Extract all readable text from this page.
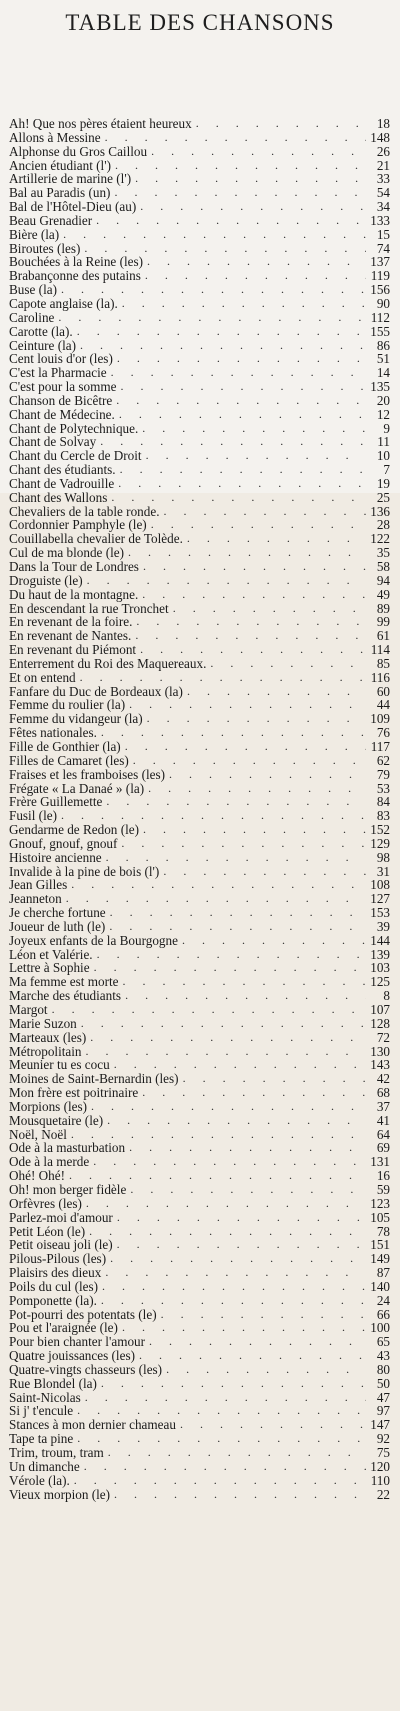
TABLE DES CHANSONS
Ah! Que nos pères étaient heureux . . .	18
Allons à Messine . . .	148
Alphonse du Gros Caillou . . .	26
Ancien étudiant (l') . . .	21
Artillerie de marine (l') . . .	33
Bal au Paradis (un) . . .	54
Bal de l'Hôtel-Dieu (au) . . .	34
Beau Grenadier . . .	133
Bière (la) . . .	15
Biroutes (les) . . .	74
Bouchées à la Reine (les) . . .	137
Brabançonne des putains . . .	119
Buse (la) . . .	156
Capote anglaise (la). . . .	90
Caroline . . .	112
Carotte (la). . . .	155
Ceinture (la) . . .	86
Cent louis d'or (les) . . .	51
C'est la Pharmacie . . .	14
C'est pour la somme . . .	135
Chanson de Bicêtre . . .	20
Chant de Médecine. . . .	12
Chant de Polytechnique. . . .	9
Chant de Solvay . . .	11
Chant du Cercle de Droit . . .	10
Chant des étudiants. . . .	7
Chant de Vadrouille . . .	19
Chant des Wallons . . .	25
Chevaliers de la table ronde. . . .	136
Cordonnier Pamphyle (le) . . .	28
Couillabella chevalier de Tolède. . . .	122
Cul de ma blonde (le) . . .	35
Dans la Tour de Londres . . .	58
Droguiste (le) . . .	94
Du haut de la montagne. . . .	49
En descendant la rue Tronchet . . .	89
En revenant de la foire. . . .	99
En revenant de Nantes. . . .	61
En revenant du Piémont . . .	114
Enterrement du Roi des Maquereaux. . . .	85
Et on entend . . .	116
Fanfare du Duc de Bordeaux (la) . . .	60
Femme du roulier (la) . . .	44
Femme du vidangeur (la) . . .	109
Fêtes nationales. . . .	76
Fille de Gonthier (la) . . .	117
Filles de Camaret (les) . . .	62
Fraises et les framboises (les) . . .	79
Frégate « La Danaé » (la) . . .	53
Frère Guillemette . . .	84
Fusil (le) . . .	83
Gendarme de Redon (le) . . .	152
Gnouf, gnouf, gnouf . . .	129
Histoire ancienne . . .	98
Invalide à la pine de bois (l') . . .	31
Jean Gilles . . .	108
Jeanneton . . .	127
Je cherche fortune . . .	153
Joueur de luth (le) . . .	39
Joyeux enfants de la Bourgogne . . .	144
Léon et Valérie. . . .	139
Lettre à Sophie . . .	103
Ma femme est morte . . .	125
Marche des étudiants . . .	8
Margot . . .	107
Marie Suzon . . .	128
Marteaux (les) . . .	72
Métropolitain . . .	130
Meunier tu es cocu . . .	143
Moines de Saint-Bernardin (les) . . .	42
Mon frère est poitrinaire . . .	68
Morpions (les) . . .	37
Mousquetaire (le) . . .	41
Noël, Noël . . .	64
Ode à la masturbation . . .	69
Ode à la merde . . .	131
Ohé! Ohé! . . .	16
Oh! mon berger fidèle . . .	59
Orfèvres (les) . . .	123
Parlez-moi d'amour . . .	105
Petit Léon (le) . . .	78
Petit oiseau joli (le) . . .	151
Pilous-Pilous (les) . . .	149
Plaisirs des dieux . . .	87
Poils du cul (les) . . .	140
Pomponette (la). . . .	24
Pot-pourri des potentats (le) . . .	66
Pou et l'araignée (le) . . .	100
Pour bien chanter l'amour . . .	65
Quatre jouissances (les) . . .	43
Quatre-vingts chasseurs (les) . . .	80
Rue Blondel (la) . . .	50
Saint-Nicolas . . .	47
Si j' t'encule . . .	97
Stances à mon dernier chameau . . .	147
Tape ta pine . . .	92
Trim, troum, tram . . .	75
Un dimanche . . .	120
Vérole (la). . . .	110
Vieux morpion (le) . . .	22
